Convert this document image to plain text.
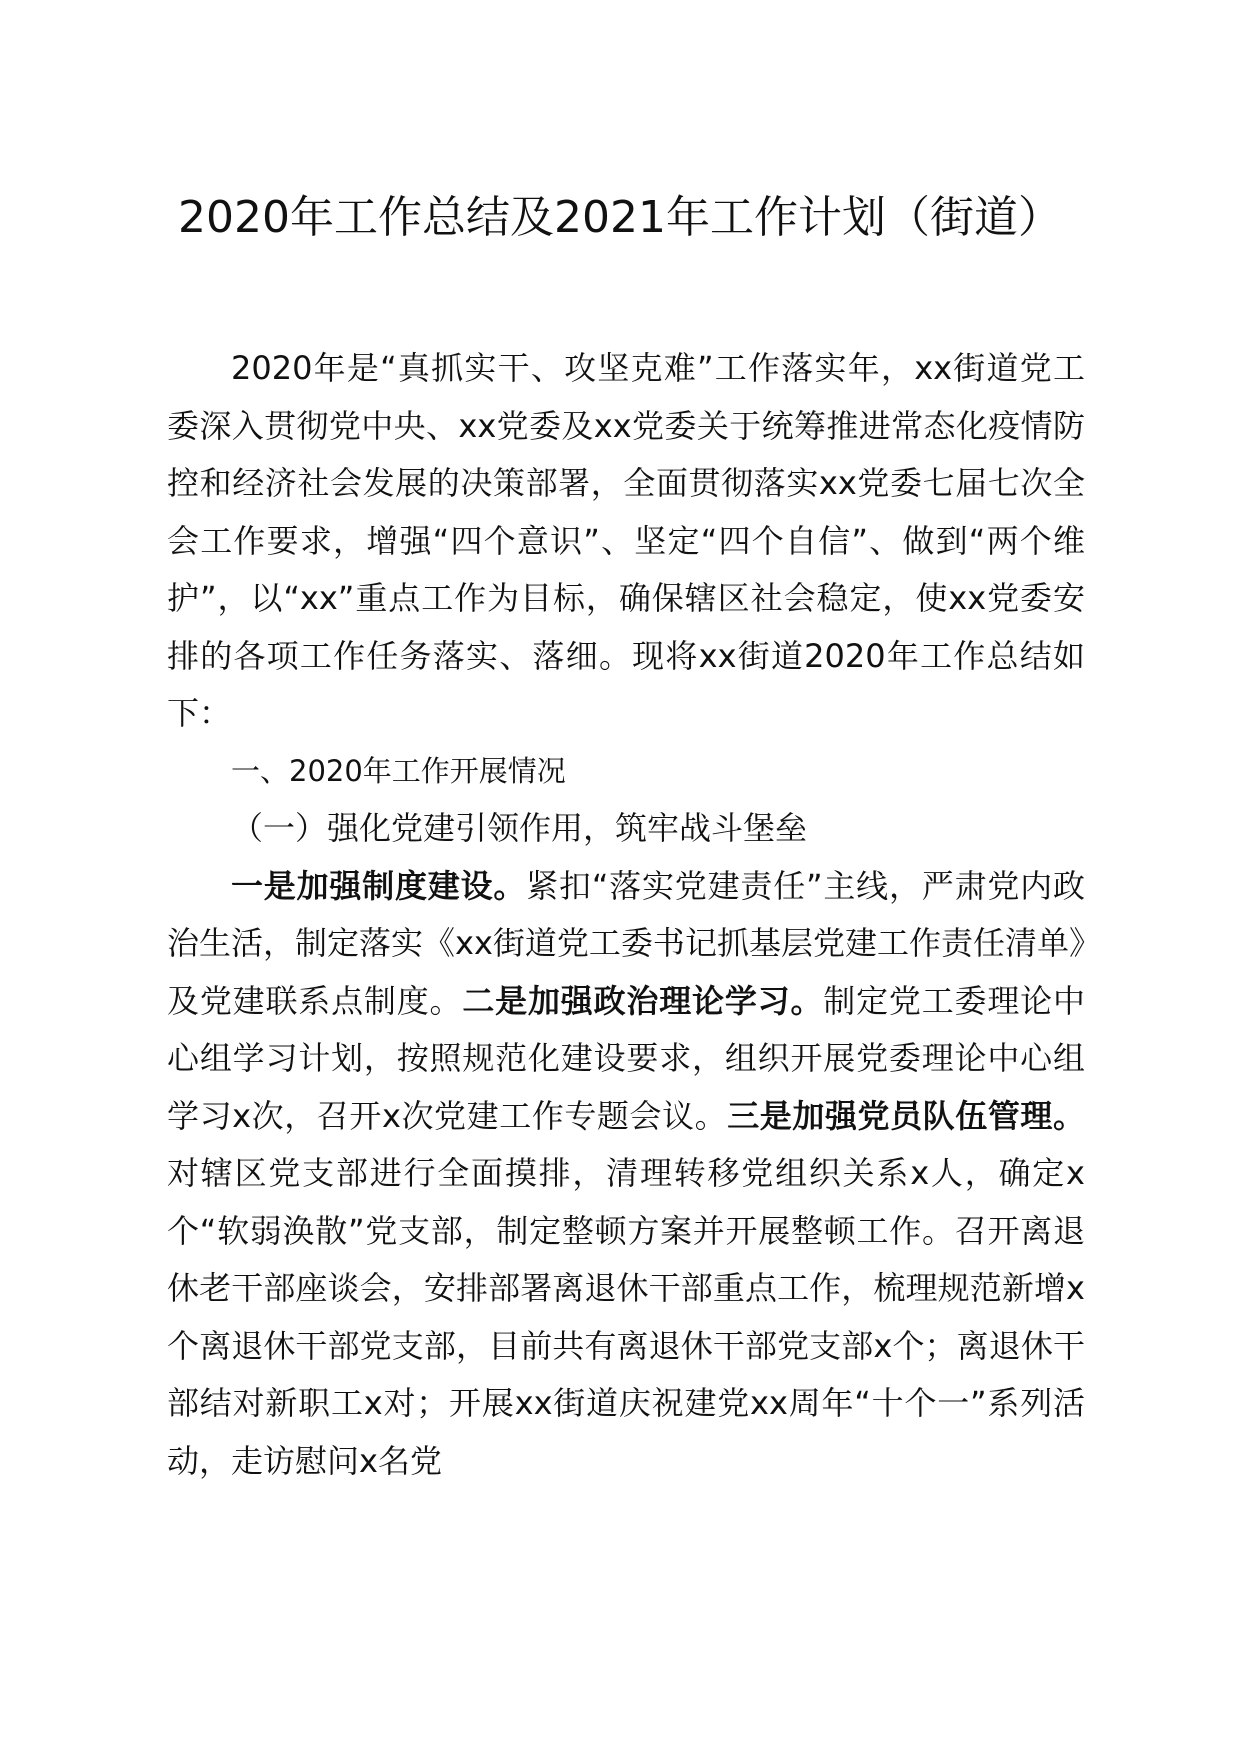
2020年工作总结及2021年工作计划（街道）

2020年是“真抓实干、攻坚克难”工作落实年，xx街道党工委深入贯彻党中央、xx党委及xx党委关于统筹推进常态化疫情防控和经济社会发展的决策部署，全面贯彻落实xx党委七届七次全会工作要求，增强“四个意识”、坚定“四个自信”、做到“两个维护”，以“xx”重点工作为目标，确保辖区社会稳定，使xx党委安排的各项工作任务落实、落细。现将xx街道2020年工作总结如下：

一、2020年工作开展情况

（一）强化党建引领作用，筑牢战斗堡垒

一是加强制度建设。紧扣“落实党建责任”主线，严肃党内政治生活，制定落实《xx街道党工委书记抓基层党建工作责任清单》及党建联系点制度。二是加强政治理论学习。制定党工委理论中心组学习计划，按照规范化建设要求，组织开展党委理论中心组学习x次，召开x次党建工作专题会议。三是加强党员队伍管理。对辖区党支部进行全面摸排，清理转移党组织关系x人，确定x个“软弱涣散”党支部，制定整顿方案并开展整顿工作。召开离退休老干部座谈会，安排部署离退休干部重点工作，梳理规范新增x个离退休干部党支部，目前共有离退休干部党支部x个；离退休干部结对新职工x对；开展xx街道庆祝建党xx周年“十个一”系列活动，走访慰问x名党
